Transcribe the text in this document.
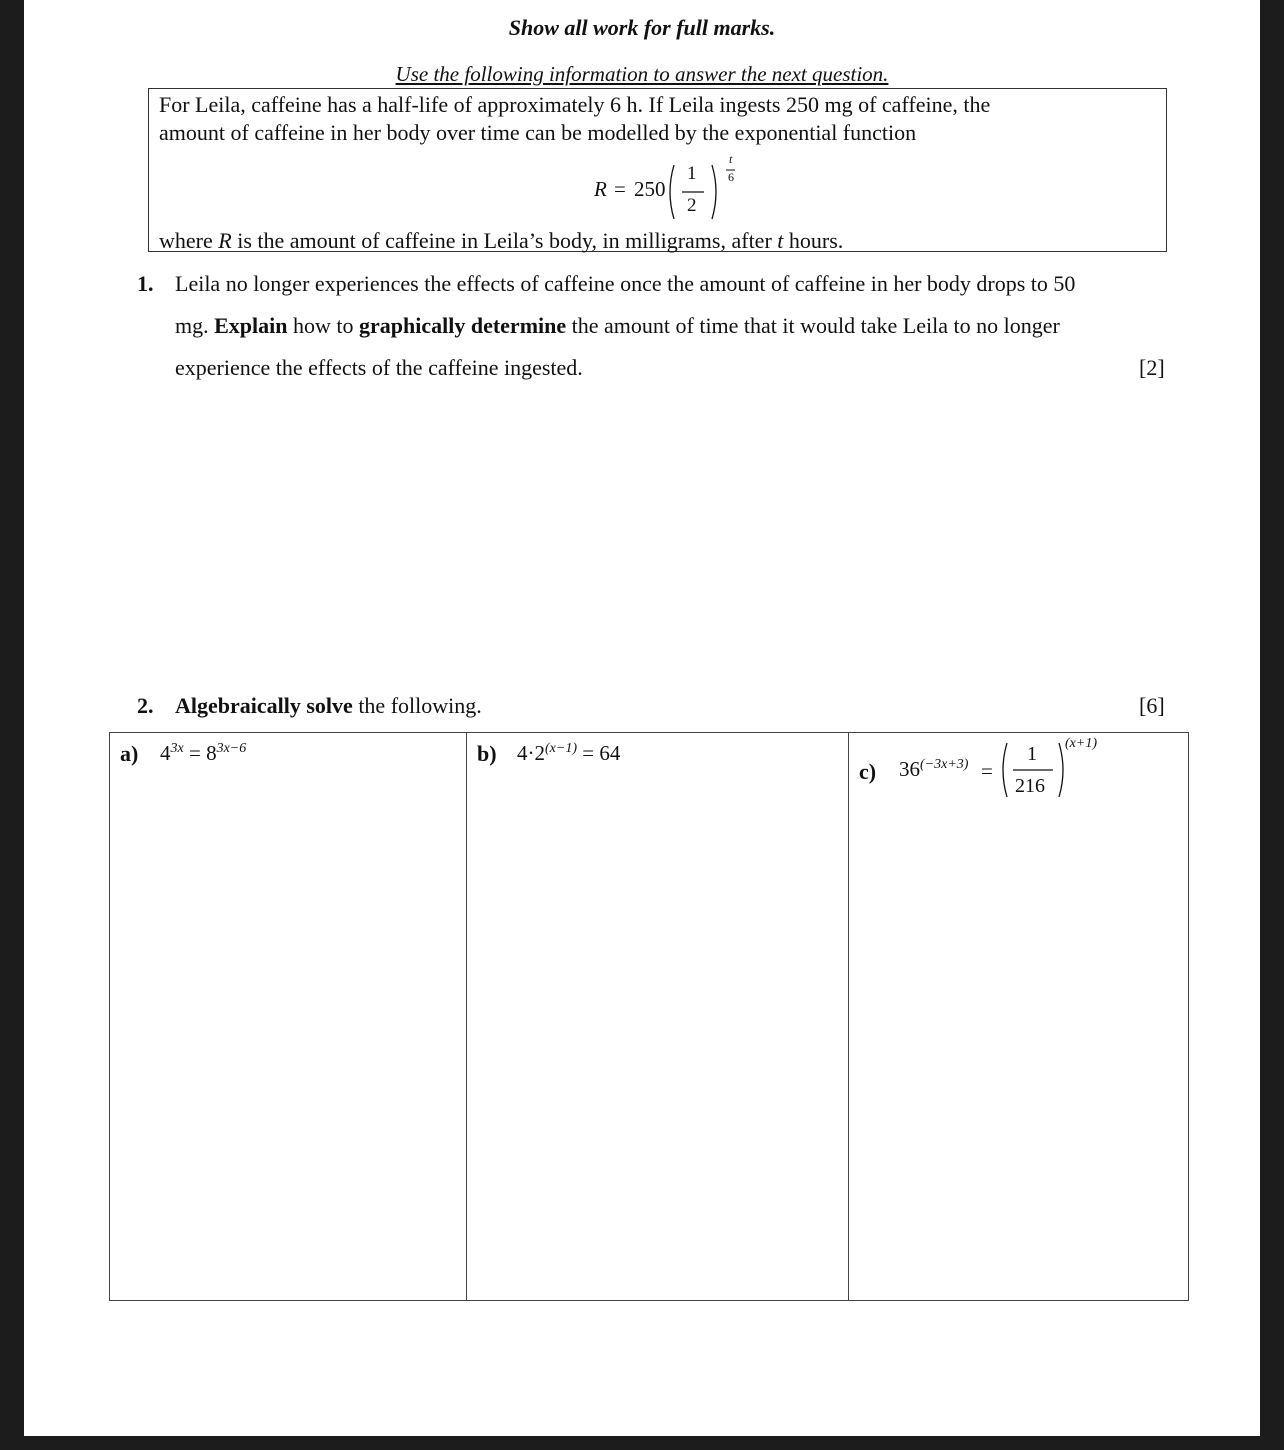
Show all work for full marks.
Use the following information to answer the next question.
For Leila, caffeine has a half-life of approximately 6 h. If Leila ingests 250 mg of caffeine, the
amount of caffeine in her body over time can be modelled by the exponential function
R = 250
1
2
t
6
where R is the amount of caffeine in Leila’s body, in milligrams, after t hours.
1. Leila no longer experiences the effects of caffeine once the amount of caffeine in her body drops to 50
mg. Explain how to graphically determine the amount of time that it would take Leila to no longer
experience the effects of the caffeine ingested.	[2]
2. Algebraically solve the following.	[6]
a) $4^{3x} = 8^{3x-6}$	b) $4\cdot 2^{(x-1)} = 64$
c) $36^{(-3x+3)}$ =
1
216
(x+1)
